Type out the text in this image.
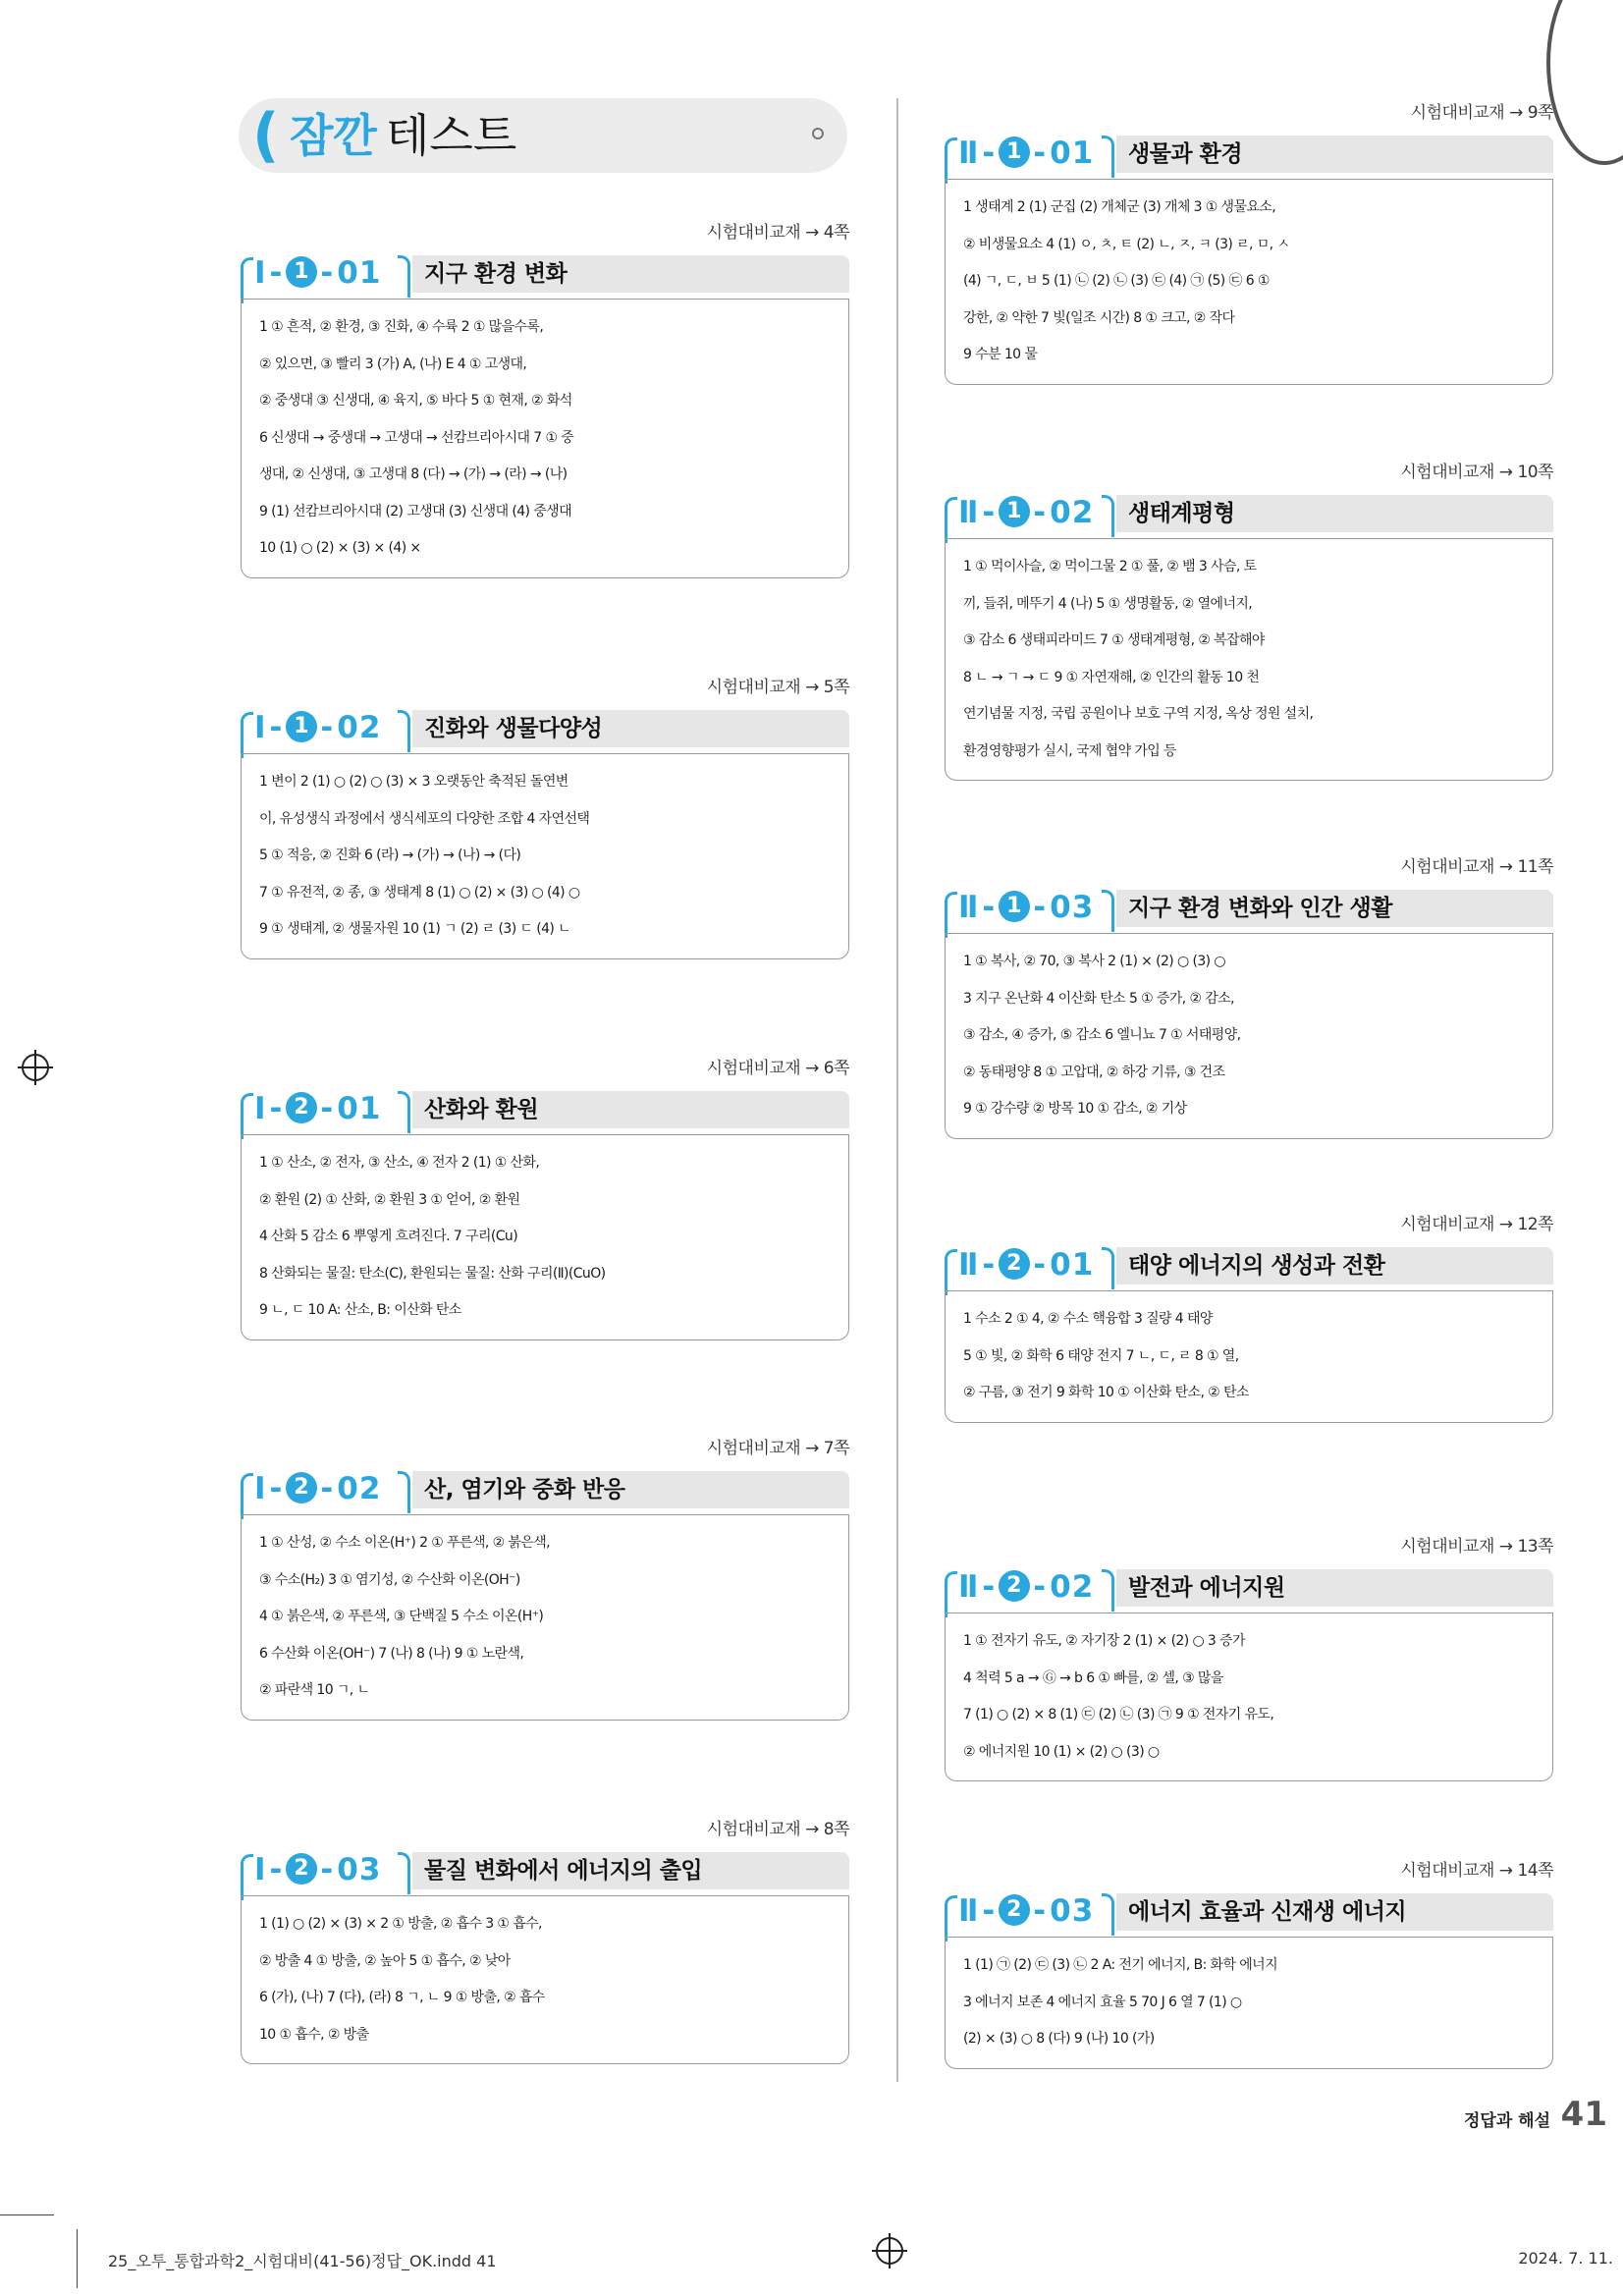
( 잠깐 테스트
시험대비교재 → 4쪽
지구 환경 변화
Ⅰ- 1 -01

1 ① 흔적, ② 환경, ③ 진화, ④ 수륙 2 ① 많을수록,

② 있으면, ③ 빨리 3 (가) A, (나) E 4 ① 고생대,

② 중생대 ③ 신생대, ④ 육지, ⑤ 바다 5 ① 현재, ② 화석

6 신생대 → 중생대 → 고생대 → 선캄브리아시대 7 ① 중

생대, ② 신생대, ③ 고생대 8 (다) → (가) → (라) → (나)

9 (1) 선캄브리아시대 (2) 고생대 (3) 신생대 (4) 중생대

10 (1) ○ (2) × (3) × (4) ×

시험대비교재 → 5쪽
진화와 생물다양성
Ⅰ- 1 -02

1 변이 2 (1) ○ (2) ○ (3) × 3 오랫동안 축적된 돌연변

이, 유성생식 과정에서 생식세포의 다양한 조합 4 자연선택

5 ① 적응, ② 진화 6 (라) → (가) → (나) → (다)

7 ① 유전적, ② 종, ③ 생태계 8 (1) ○ (2) × (3) ○ (4) ○

9 ① 생태계, ② 생물자원 10 (1) ㄱ (2) ㄹ (3) ㄷ (4) ㄴ

시험대비교재 → 6쪽
산화와 환원
Ⅰ- 2 -01

1 ① 산소, ② 전자, ③ 산소, ④ 전자 2 (1) ① 산화,

② 환원 (2) ① 산화, ② 환원 3 ① 얻어, ② 환원

4 산화 5 감소 6 뿌옇게 흐려진다. 7 구리(Cu)

8 산화되는 물질: 탄소(C), 환원되는 물질: 산화 구리(Ⅱ)(CuO)

9 ㄴ, ㄷ 10 A: 산소, B: 이산화 탄소

시험대비교재 → 7쪽
산, 염기와 중화 반응
Ⅰ- 2 -02

1 ① 산성, ② 수소 이온(H⁺) 2 ① 푸른색, ② 붉은색,

③ 수소(H₂) 3 ① 염기성, ② 수산화 이온(OH⁻)

4 ① 붉은색, ② 푸른색, ③ 단백질 5 수소 이온(H⁺)

6 수산화 이온(OH⁻) 7 (나) 8 (나) 9 ① 노란색,

② 파란색 10 ㄱ, ㄴ

시험대비교재 → 8쪽
물질 변화에서 에너지의 출입
Ⅰ- 2 -03

1 (1) ○ (2) × (3) × 2 ① 방출, ② 흡수 3 ① 흡수,

② 방출 4 ① 방출, ② 높아 5 ① 흡수, ② 낮아

6 (가), (나) 7 (다), (라) 8 ㄱ, ㄴ 9 ① 방출, ② 흡수

10 ① 흡수, ② 방출

시험대비교재 → 9쪽
생물과 환경
Ⅱ- 1 -01

1 생태계 2 (1) 군집 (2) 개체군 (3) 개체 3 ① 생물요소,

② 비생물요소 4 (1) ㅇ, ㅊ, ㅌ (2) ㄴ, ㅈ, ㅋ (3) ㄹ, ㅁ, ㅅ

(4) ㄱ, ㄷ, ㅂ 5 (1) ㉡ (2) ㉡ (3) ㉢ (4) ㉠ (5) ㉢ 6 ①

강한, ② 약한 7 빛(일조 시간) 8 ① 크고, ② 작다

9 수분 10 물

시험대비교재 → 10쪽
생태계평형
Ⅱ- 1 -02

1 ① 먹이사슬, ② 먹이그물 2 ① 풀, ② 뱀 3 사슴, 토

끼, 들쥐, 메뚜기 4 (나) 5 ① 생명활동, ② 열에너지,

③ 감소 6 생태피라미드 7 ① 생태계평형, ② 복잡해야

8 ㄴ → ㄱ → ㄷ 9 ① 자연재해, ② 인간의 활동 10 천

연기념물 지정, 국립 공원이나 보호 구역 지정, 옥상 정원 설치,

환경영향평가 실시, 국제 협약 가입 등

시험대비교재 → 11쪽
지구 환경 변화와 인간 생활
Ⅱ- 1 -03

1 ① 복사, ② 70, ③ 복사 2 (1) × (2) ○ (3) ○

3 지구 온난화 4 이산화 탄소 5 ① 증가, ② 감소,

③ 감소, ④ 증가, ⑤ 감소 6 엘니뇨 7 ① 서태평양,

② 동태평양 8 ① 고압대, ② 하강 기류, ③ 건조

9 ① 강수량 ② 방목 10 ① 감소, ② 기상

시험대비교재 → 12쪽
태양 에너지의 생성과 전환
Ⅱ- 2 -01

1 수소 2 ① 4, ② 수소 핵융합 3 질량 4 태양

5 ① 빛, ② 화학 6 태양 전지 7 ㄴ, ㄷ, ㄹ 8 ① 열,

② 구름, ③ 전기 9 화학 10 ① 이산화 탄소, ② 탄소

시험대비교재 → 13쪽
발전과 에너지원
Ⅱ- 2 -02

1 ① 전자기 유도, ② 자기장 2 (1) × (2) ○ 3 증가

4 척력 5 a → Ⓖ → b 6 ① 빠를, ② 셀, ③ 많을

7 (1) ○ (2) × 8 (1) ㉢ (2) ㉡ (3) ㉠ 9 ① 전자기 유도,

② 에너지원 10 (1) × (2) ○ (3) ○

시험대비교재 → 14쪽
에너지 효율과 신재생 에너지
Ⅱ- 2 -03

1 (1) ㉠ (2) ㉢ (3) ㉡ 2 A: 전기 에너지, B: 화학 에너지

3 에너지 보존 4 에너지 효율 5 70 J 6 열 7 (1) ○

(2) × (3) ○ 8 (다) 9 (나) 10 (가)

정답과 해설 41
25_오투_통합과학2_시험대비(41-56)정답_OK.indd 41	2024. 7. 11.
